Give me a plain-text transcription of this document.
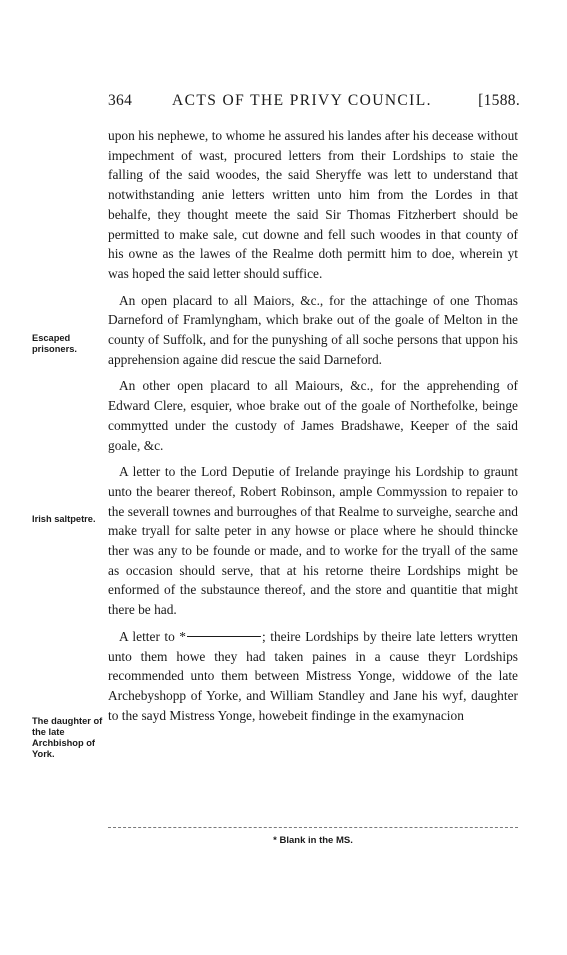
364	ACTS OF THE PRIVY COUNCIL.	[1588.
Escaped prisoners.
Irish saltpetre.
The daughter of the late Archbishop of York.

upon his nephewe, to whome he assured his landes after his decease without impechment of wast, procured letters from their Lordships to staie the falling of the said woodes, the said Sheryffe was lett to understand that notwithstanding anie letters written unto him from the Lordes in that behalfe, they thought meete the said Sir Thomas Fitzherbert should be permitted to make sale, cut downe and fell such woodes in that county of his owne as the lawes of the Realme doth permitt him to doe, wherein yt was hoped the said letter should suffice.

An open placard to all Maiors, &c., for the attachinge of one Thomas Darneford of Framlyngham, which brake out of the goale of Melton in the county of Suffolk, and for the punyshing of all soche persons that uppon his apprehension againe did rescue the said Darneford.

An other open placard to all Maiours, &c., for the apprehending of Edward Clere, esquier, whoe brake out of the goale of Northefolke, beinge commytted under the custody of James Bradshawe, Keeper of the said goale, &c.

A letter to the Lord Deputie of Irelande prayinge his Lordship to graunt unto the bearer thereof, Robert Robinson, ample Commyssion to repaier to the severall townes and burroughes of that Realme to surveighe, searche and make tryall for salte peter in any howse or place where he should thincke ther was any to be founde or made, and to worke for the tryall of the same as occasion should serve, that at his retorne theire Lordships might be enformed of the substaunce thereof, and the store and quantitie that might there be had.

A letter to *	; theire Lordships by theire late letters wrytten unto them howe they had taken paines in a cause theyr Lordships recommended unto them between Mistress Yonge, widdowe of the late Archebyshopp of Yorke, and William Standley and Jane his wyf, daughter to the sayd Mistress Yonge, howebeit findinge in the examynacion

* Blank in the MS.
